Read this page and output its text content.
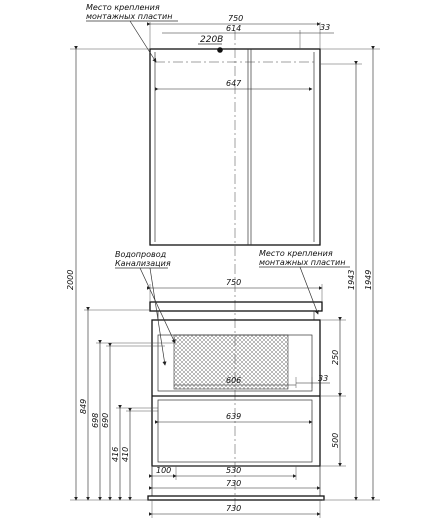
Место крепления
монтажных пластин	750
614	33
220В
647
Водопровод
Канализация
Место крепления
монтажных пластин
750
606	33
639
100	530
730
730
1949
1943
250
500
2000
849
698 690
416 410
